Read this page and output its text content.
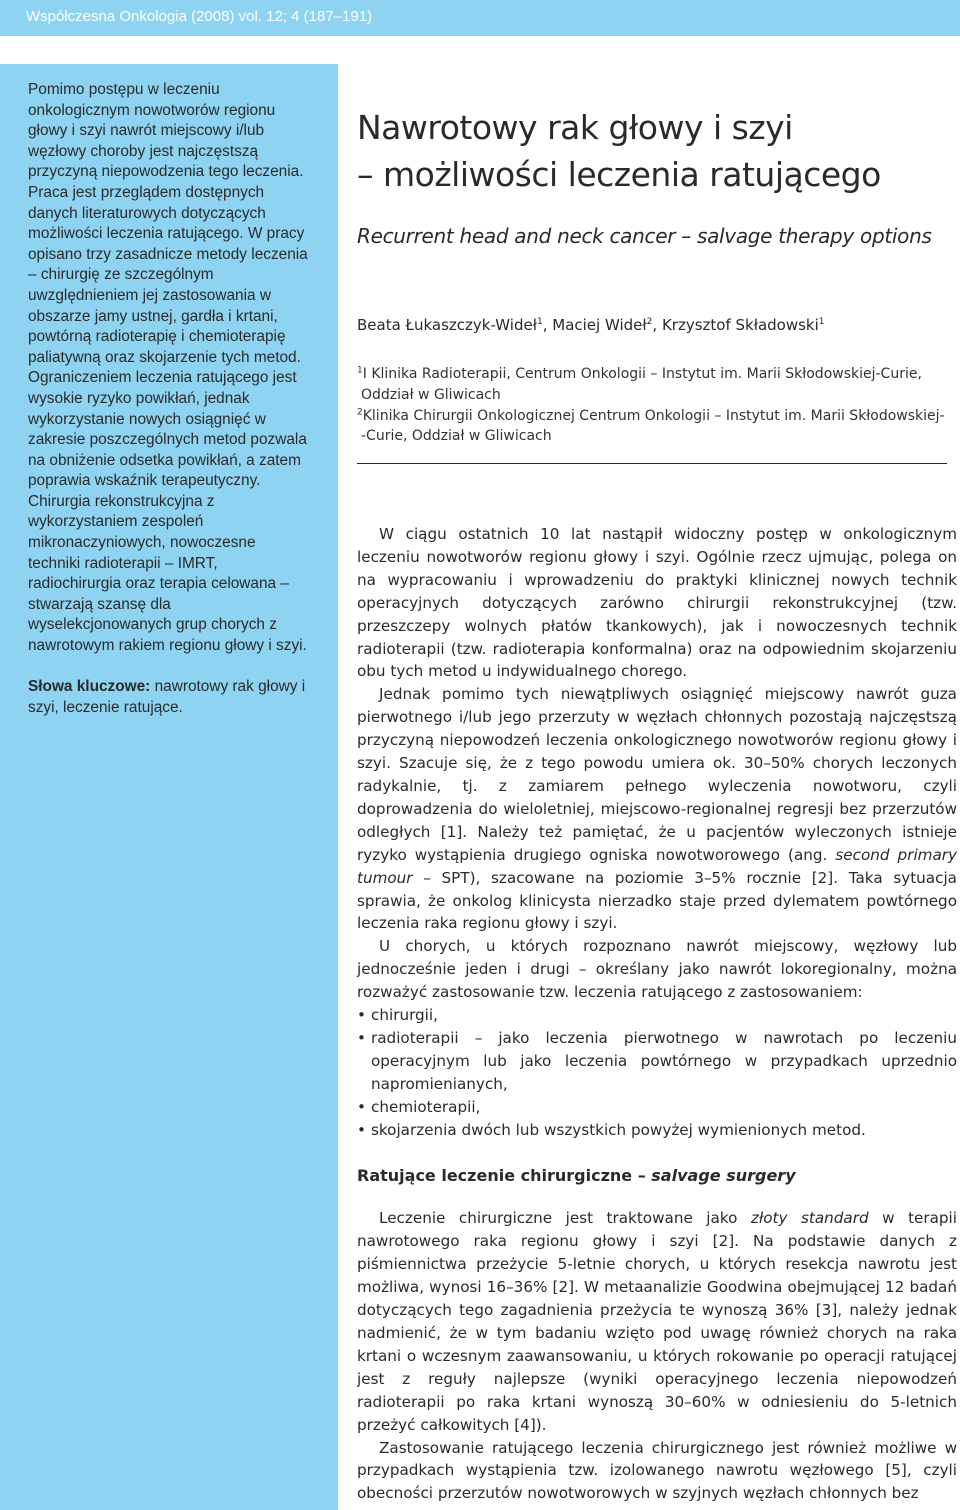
Współczesna Onkologia (2008) vol. 12; 4 (187–191)

Pomimo postępu w leczeniu onkologicznym nowotworów regionu głowy i szyi nawrót miejscowy i/lub węzłowy choroby jest najczęstszą przyczyną niepowodzenia tego leczenia. Praca jest przeglądem dostępnych danych literaturowych dotyczących możliwości leczenia ratującego. W pracy opisano trzy zasadnicze metody leczenia – chirurgię ze szczególnym uwzględnieniem jej zastosowania w obszarze jamy ustnej, gardła i krtani, powtórną radioterapię i chemioterapię paliatywną oraz skojarzenie tych metod. Ograniczeniem leczenia ratującego jest wysokie ryzyko powikłań, jednak wykorzystanie nowych osiągnięć w zakresie poszczególnych metod pozwala na obniżenie odsetka powikłań, a zatem poprawia wskaźnik terapeutyczny. Chirurgia rekonstrukcyjna z wykorzystaniem zespoleń mikronaczyniowych, nowoczesne techniki radioterapii – IMRT, radiochirurgia oraz terapia celowana – stwarzają szansę dla wyselekcjonowanych grup chorych z nawrotowym rakiem regionu głowy i szyi.

Słowa kluczowe: nawrotowy rak głowy i szyi, leczenie ratujące.

Nawrotowy rak głowy i szyi
– możliwości leczenia ratującego

Recurrent head and neck cancer – salvage therapy options

Beata Łukaszczyk-Wideł$^1$, Maciej Wideł$^2$, Krzysztof Składowski$^1$

$^1$I Klinika Radioterapii, Centrum Onkologii – Instytut im. Marii Skłodowskiej-Curie,

Oddział w Gliwicach

$^2$Klinika Chirurgii Onkologicznej Centrum Onkologii – Instytut im. Marii Skłodowskiej-

-Curie, Oddział w Gliwicach

W ciągu ostatnich 10 lat nastąpił widoczny postęp w onkologicznym leczeniu nowotworów regionu głowy i szyi. Ogólnie rzecz ujmując, polega on na wypracowaniu i wprowadzeniu do praktyki klinicznej nowych technik operacyjnych dotyczących zarówno chirurgii rekonstrukcyjnej (tzw. przeszczepy wolnych płatów tkankowych), jak i nowoczesnych technik radioterapii (tzw. radioterapia konformalna) oraz na odpowiednim skojarzeniu obu tych metod u indywidualnego chorego.

Jednak pomimo tych niewątpliwych osiągnięć miejscowy nawrót guza pierwotnego i/lub jego przerzuty w węzłach chłonnych pozostają najczęstszą przyczyną niepowodzeń leczenia onkologicznego nowotworów regionu głowy i szyi. Szacuje się, że z tego powodu umiera ok. 30–50% chorych leczonych radykalnie, tj. z zamiarem pełnego wyleczenia nowotworu, czyli doprowadzenia do wieloletniej, miejscowo-regionalnej regresji bez przerzutów odległych [1]. Należy też pamiętać, że u pacjentów wyleczonych istnieje ryzyko wystąpienia drugiego ogniska nowotworowego (ang. second primary tumour – SPT), szacowane na poziomie 3–5% rocznie [2]. Taka sytuacja sprawia, że onkolog klinicysta nierzadko staje przed dylematem powtórnego leczenia raka regionu głowy i szyi.

U chorych, u których rozpoznano nawrót miejscowy, węzłowy lub jednocześnie jeden i drugi – określany jako nawrót lokoregionalny, można rozważyć zastosowanie tzw. leczenia ratującego z zastosowaniem:

• chirurgii,
• radioterapii – jako leczenia pierwotnego w nawrotach po leczeniu operacyjnym lub jako leczenia powtórnego w przypadkach uprzednio napromienianych,
• chemioterapii,
• skojarzenia dwóch lub wszystkich powyżej wymienionych metod.
Ratujące leczenie chirurgiczne – salvage surgery

Leczenie chirurgiczne jest traktowane jako złoty standard w terapii nawrotowego raka regionu głowy i szyi [2]. Na podstawie danych z piśmiennictwa przeżycie 5-letnie chorych, u których resekcja nawrotu jest możliwa, wynosi 16–36% [2]. W metaanalizie Goodwina obejmującej 12 badań dotyczących tego zagadnienia przeżycia te wynoszą 36% [3], należy jednak nadmienić, że w tym badaniu wzięto pod uwagę również chorych na raka krtani o wczesnym zaawansowaniu, u których rokowanie po operacji ratującej jest z reguły najlepsze (wyniki operacyjnego leczenia niepowodzeń radioterapii po raka krtani wynoszą 30–60% w odniesieniu do 5-letnich przeżyć całkowitych [4]).

Zastosowanie ratującego leczenia chirurgicznego jest również możliwe w przypadkach wystąpienia tzw. izolowanego nawrotu węzłowego [5], czyli obecności przerzutów nowotworowych w szyjnych węzłach chłonnych bez
